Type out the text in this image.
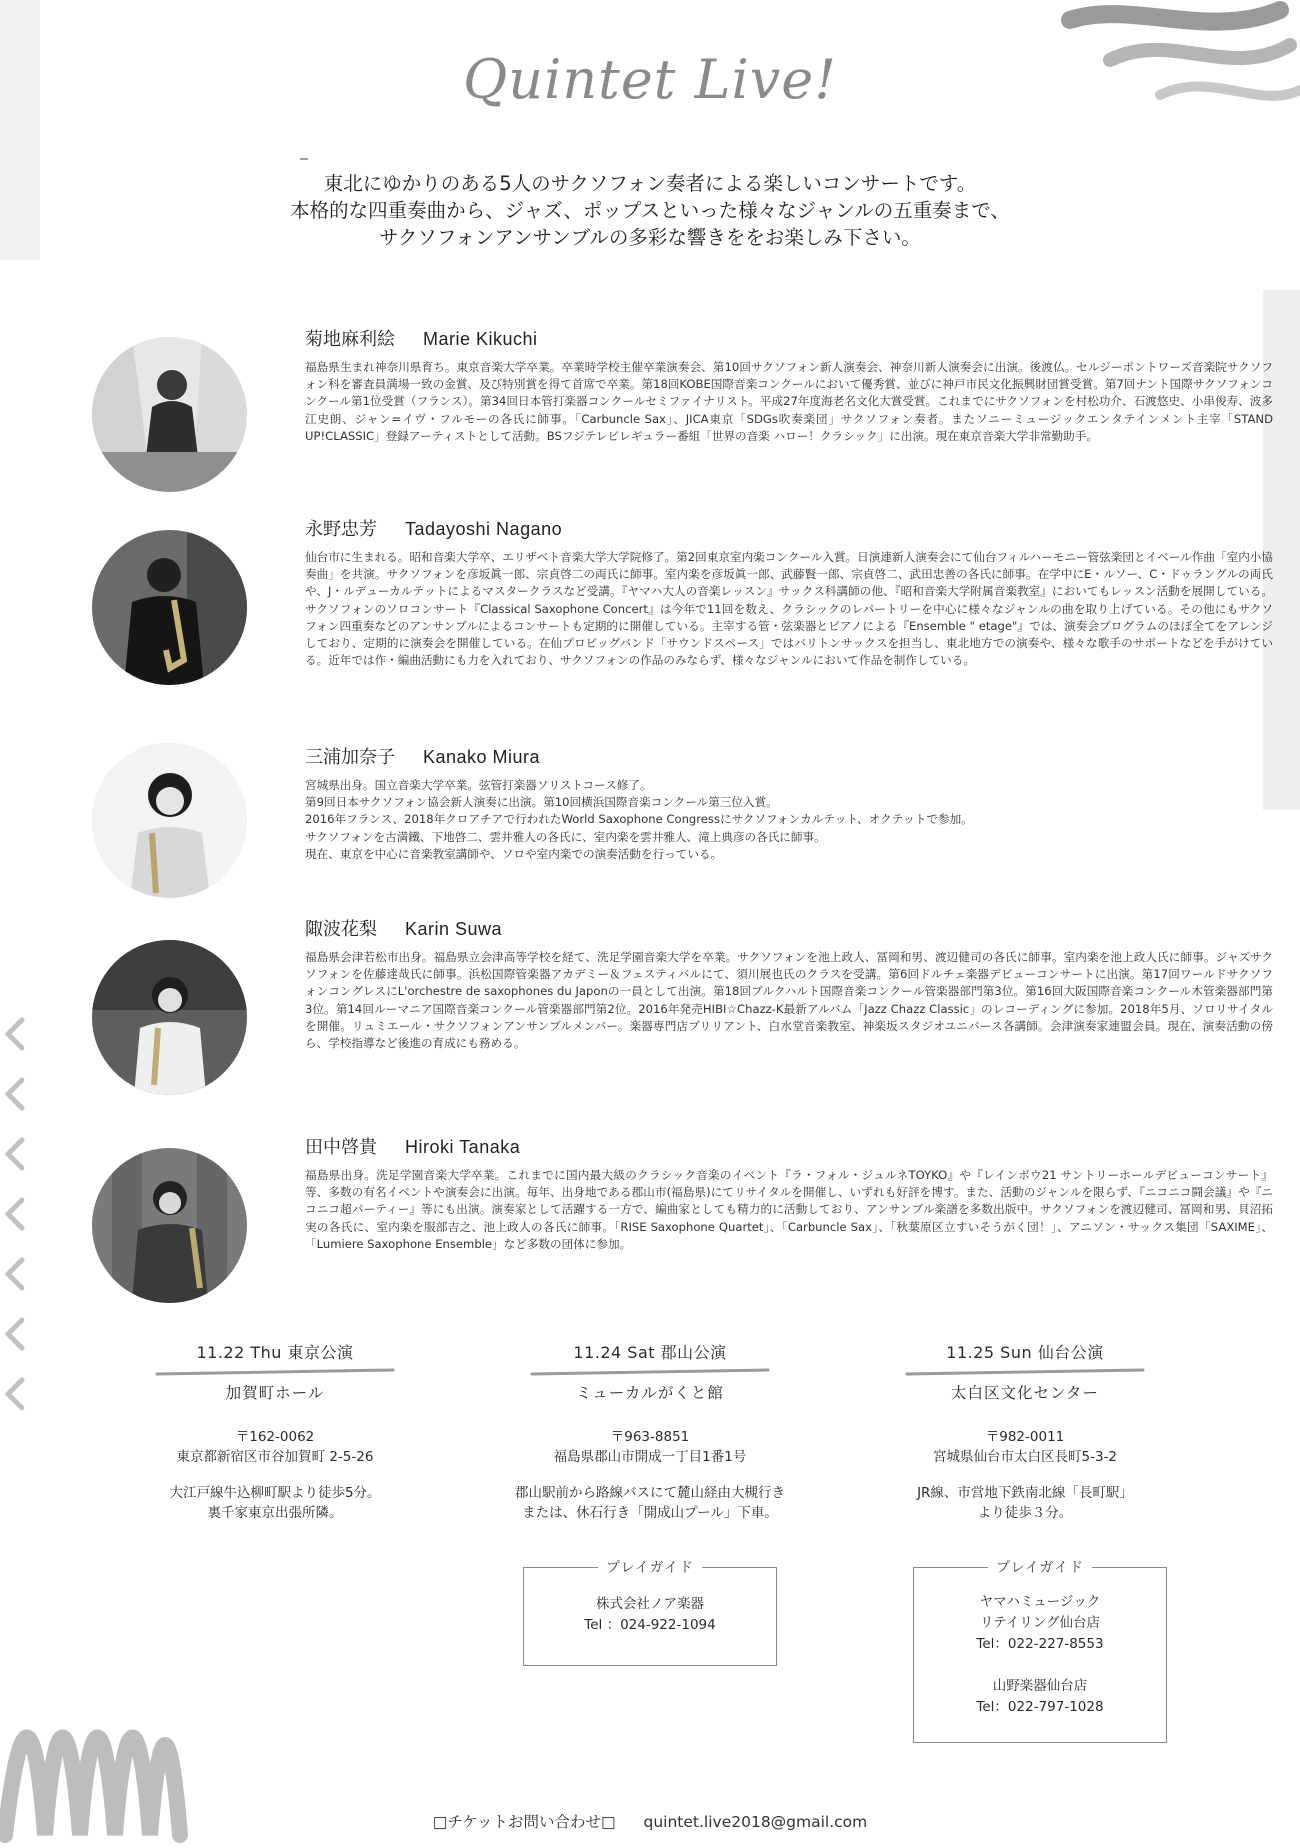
Quintet Live!
東北にゆかりのある5人のサクソフォン奏者による楽しいコンサートです。
本格的な四重奏曲から、ジャズ、ポップスといった様々なジャンルの五重奏まで、
サクソフォンアンサンブルの多彩な響きををお楽しみ下さい。
菊地麻利絵 Marie Kikuchi
福島県生まれ神奈川県育ち。東京音楽大学卒業。卒業時学校主催卒業演奏会、第10回サクソフォン新人演奏会、神奈川新人演奏会に出演。後渡仏。セルジーポントワーズ音楽院サクソフォン科を審査員満場一致の金賞、及び特別賞を得て首席で卒業。第18回KOBE国際音楽コンクールにおいて優秀賞、並びに神戸市民文化振興財団賞受賞。第7回ナント国際サクソフォンコンクール第1位受賞（フランス）。第34回日本管打楽器コンクールセミファイナリスト。平成27年度海老名文化大賞受賞。これまでにサクソフォンを村松功介、石渡悠史、小串俊寿、波多江史朗、ジャン=イヴ・フルモーの各氏に師事。「Carbuncle Sax」、JICA東京「SDGs吹奏楽団」サクソフォン奏者。またソニーミュージックエンタテインメント主宰「STAND UP!CLASSIC」登録アーティストとして活動。BSフジテレビレギュラー番組「世界の音楽 ハロー！クラシック」に出演。現在東京音楽大学非常勤助手。
永野忠芳 Tadayoshi Nagano
仙台市に生まれる。昭和音楽大学卒、エリザベト音楽大学大学院修了。第2回東京室内楽コンクール入賞。日演連新人演奏会にて仙台フィルハーモニー管弦楽団とイベール作曲「室内小協奏曲」を共演。サクソフォンを彦坂眞一郎、宗貞啓二の両氏に師事。室内楽を彦坂眞一郎、武藤賢一郎、宗貞啓二、武田忠善の各氏に師事。在学中にE・ルソー、C・ドゥラングルの両氏や、J・ルデューカルテットによるマスタークラスなど受講。『ヤマハ大人の音楽レッスン』サックス科講師の他、『昭和音楽大学附属音楽教室』においてもレッスン活動を展開している。サクソフォンのソロコンサート『Classical Saxophone Concert』は今年で11回を数え、クラシックのレパートリーを中心に様々なジャンルの曲を取り上げている。その他にもサクソフォン四重奏などのアンサンブルによるコンサートも定期的に開催している。主宰する管・弦楽器とピアノによる『Ensemble " etage"』では、演奏会プログラムのほぼ全てをアレンジしており、定期的に演奏会を開催している。在仙プロビッグバンド「サウンドスペース」ではバリトンサックスを担当し、東北地方での演奏や、様々な歌手のサポートなどを手がけている。近年では作・編曲活動にも力を入れており、サクソフォンの作品のみならず、様々なジャンルにおいて作品を制作している。
三浦加奈子 Kanako Miura
宮城県出身。国立音楽大学卒業。弦管打楽器ソリストコース修了。
第9回日本サクソフォン協会新人演奏に出演。第10回横浜国際音楽コンクール第三位入賞。
2016年フランス、2018年クロアチアで行われたWorld Saxophone Congressにサクソフォンカルテット、オクテットで参加。
サクソフォンを古満鐵、下地啓二、雲井雅人の各氏に、室内楽を雲井雅人、滝上典彦の各氏に師事。
現在、東京を中心に音楽教室講師や、ソロや室内楽での演奏活動を行っている。
陬波花梨 Karin Suwa
福島県会津若松市出身。福島県立会津高等学校を経て、洗足学園音楽大学を卒業。サクソフォンを池上政人、冨岡和男、渡辺健司の各氏に師事。室内楽を池上政人氏に師事。ジャズサクソフォンを佐藤達哉氏に師事。浜松国際管楽器アカデミー＆フェスティバルにて、須川展也氏のクラスを受講。第6回ドルチェ楽器デビューコンサートに出演。第17回ワールドサクソフォンコングレスにL'orchestre de saxophones du Japonの一員として出演。第18回ブルクハルト国際音楽コンクール管楽器部門第3位。第16回大阪国際音楽コンクール木管楽器部門第3位。第14回ルーマニア国際音楽コンクール管楽器部門第2位。2016年発売HIBI☆Chazz-K最新アルバム「Jazz Chazz Classic」のレコーディングに参加。2018年5月、ソロリサイタルを開催。リュミエール・サクソフォンアンサンブルメンバー。楽器専門店ブリリアント、白水堂音楽教室、神楽坂スタジオユニバース各講師。会津演奏家連盟会員。現在、演奏活動の傍ら、学校指導など後進の育成にも務める。
田中啓貴 Hiroki Tanaka
福島県出身。洗足学園音楽大学卒業。これまでに国内最大級のクラシック音楽のイベント『ラ・フォル・ジュルネTOYKO』や『レインボウ21 サントリーホールデビューコンサート』等、多数の有名イベントや演奏会に出演。毎年、出身地である郡山市(福島県)にてリサイタルを開催し、いずれも好評を博す。また、活動のジャンルを限らず、『ニコニコ闘会議』や『ニコニコ超パーティー』等にも出演。演奏家として活躍する一方で、編曲家としても精力的に活動しており、アンサンブル楽譜を多数出版中。サクソフォンを渡辺健司、冨岡和男、貝沼拓実の各氏に、室内楽を服部吉之、池上政人の各氏に師事。「RISE Saxophone Quartet」、「Carbuncle Sax」、「秋葉原区立すいそうがく団！」、アニソン・サックス集団「SAXIME」、「Lumiere Saxophone Ensemble」など多数の団体に参加。
11.22 Thu 東京公演
加賀町ホール
〒162-0062
東京都新宿区市谷加賀町 2-5-26
大江戸線牛込柳町駅より徒歩5分。
裏千家東京出張所隣。
11.24 Sat 郡山公演
ミューカルがくと館
〒963-8851
福島県郡山市開成一丁目1番1号
郡山駅前から路線バスにて麓山経由大槻行き
または、休石行き「開成山プール」下車。
11.25 Sun 仙台公演
太白区文化センター
〒982-0011
宮城県仙台市太白区長町5-3-2
JR線、市営地下鉄南北線「長町駅」
より徒歩３分。
プレイガイド
株式会社ノア楽器
Tel ：024-922-1094
プレイガイド
ヤマハミュージック
リテイリング仙台店
Tel：022-227-8553
山野楽器仙台店
Tel：022-797-1028
□チケットお問い合わせ□ quintet.live2018@gmail.com
